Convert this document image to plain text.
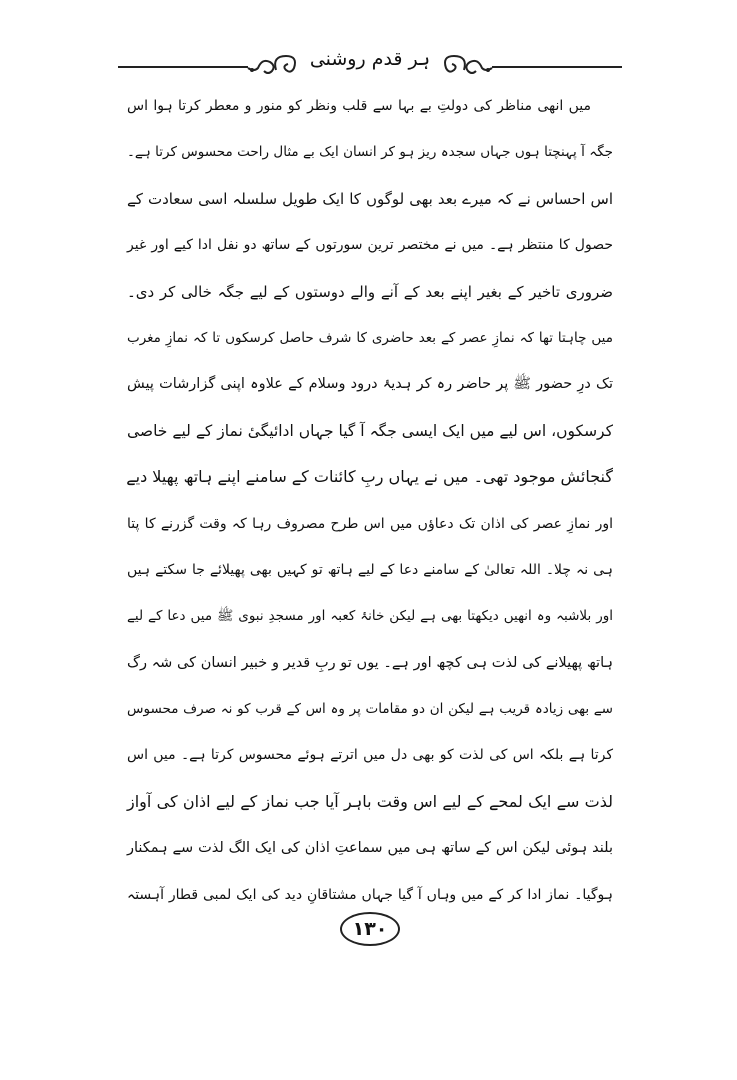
ہر قدم روشنی
میں انھی مناظر کی دولتِ بے بہا سے قلب ونظر کو منور و معطر کرتا ہوا اس
جگہ آ پہنچتا ہوں جہاں سجدہ ریز ہو کر انسان ایک بے مثال راحت محسوس کرتا ہے۔
اس احساس نے کہ میرے بعد بھی لوگوں کا ایک طویل سلسلہ اسی سعادت کے
حصول کا منتظر ہے۔ میں نے مختصر ترین سورتوں کے ساتھ دو نفل ادا کیے اور غیر
ضروری تاخیر کے بغیر اپنے بعد کے آنے والے دوستوں کے لیے جگہ خالی کر دی۔
میں چاہتا تھا کہ نمازِ عصر کے بعد حاضری کا شرف حاصل کرسکوں تا کہ نمازِ مغرب
تک درِ حضور ﷺ پر حاضر رہ کر ہدیۂ درود وسلام کے علاوہ اپنی گزارشات پیش
کرسکوں، اس لیے میں ایک ایسی جگہ آ گیا جہاں ادائیگیٔ نماز کے لیے خاصی
گنجائش موجود تھی۔ میں نے یہاں ربِ کائنات کے سامنے اپنے ہاتھ پھیلا دیے
اور نمازِ عصر کی اذان تک دعاؤں میں اس طرح مصروف رہا کہ وقت گزرنے کا پتا
ہی نہ چلا۔ اللہ تعالیٰ کے سامنے دعا کے لیے ہاتھ تو کہیں بھی پھیلائے جا سکتے ہیں
اور بلاشبہ وہ انھیں دیکھتا بھی ہے لیکن خانۂ کعبہ اور مسجدِ نبوی ﷺ میں دعا کے لیے
ہاتھ پھیلانے کی لذت ہی کچھ اور ہے۔ یوں تو ربِ قدیر و خبیر انسان کی شہ رگ
سے بھی زیادہ قریب ہے لیکن ان دو مقامات پر وہ اس کے قرب کو نہ صرف محسوس
کرتا ہے بلکہ اس کی لذت کو بھی دل میں اترتے ہوئے محسوس کرتا ہے۔ میں اس
لذت سے ایک لمحے کے لیے اس وقت باہر آیا جب نماز کے لیے اذان کی آواز
بلند ہوئی لیکن اس کے ساتھ ہی میں سماعتِ اذان کی ایک الگ لذت سے ہمکنار
ہوگیا۔ نماز ادا کر کے میں وہاں آ گیا جہاں مشتاقانِ دید کی ایک لمبی قطار آہستہ
۱۳۰
